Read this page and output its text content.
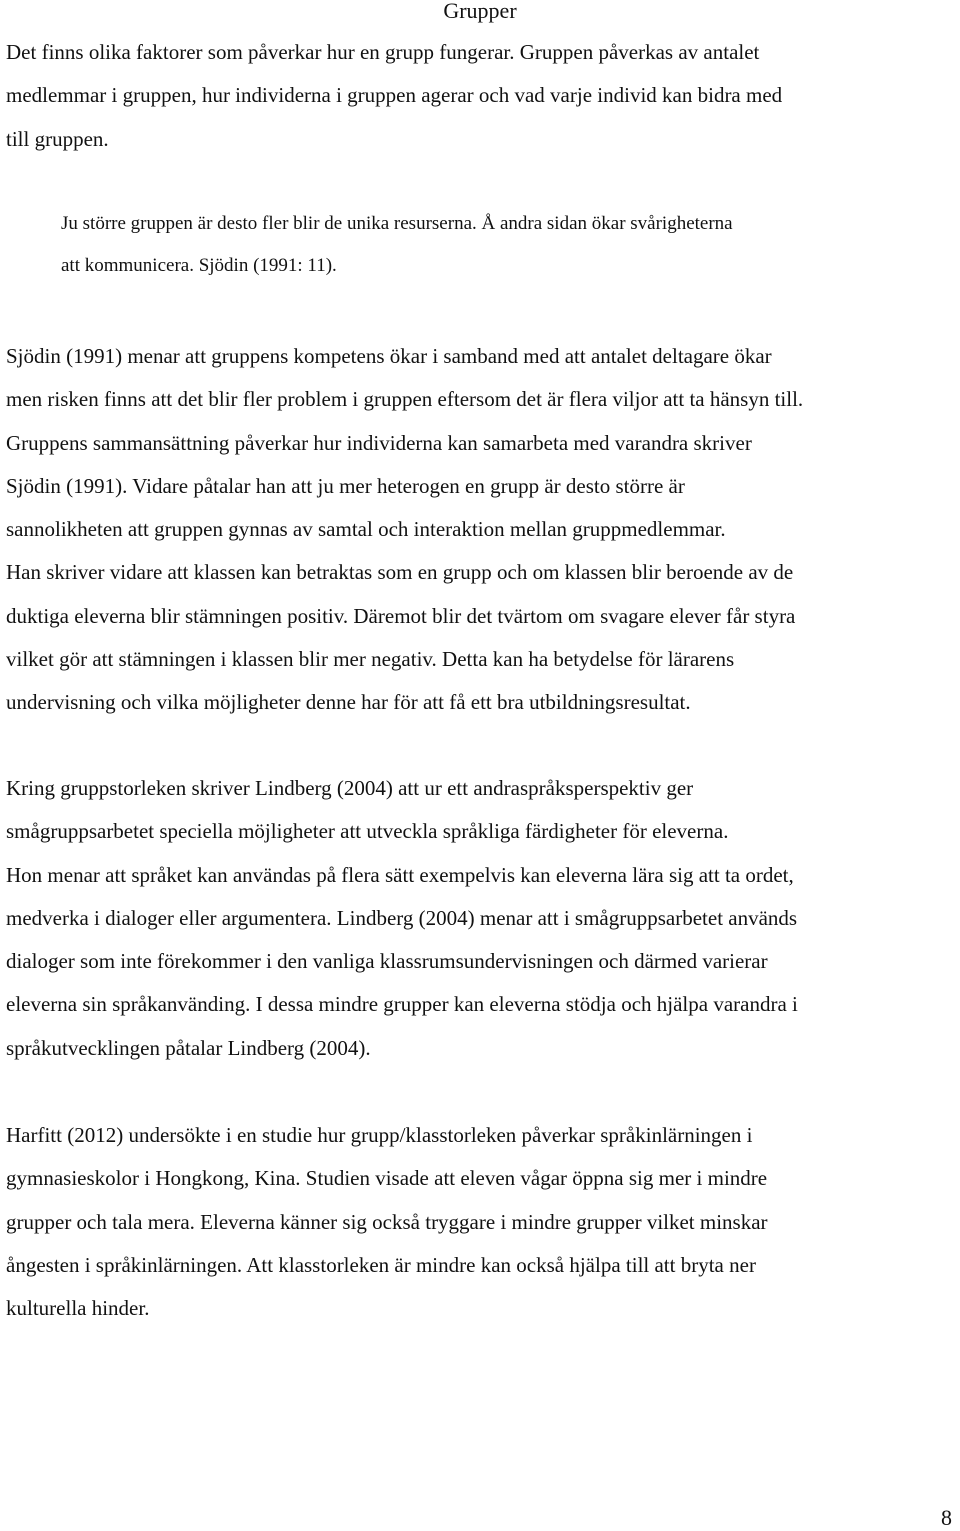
Grupper

Det finns olika faktorer som påverkar hur en grupp fungerar. Gruppen påverkas av antalet
medlemmar i gruppen, hur individerna i gruppen agerar och vad varje individ kan bidra med
till gruppen.

Ju större gruppen är desto fler blir de unika resurserna. Å andra sidan ökar svårigheterna
att kommunicera. Sjödin (1991: 11).

Sjödin (1991) menar att gruppens kompetens ökar i samband med att antalet deltagare ökar
men risken finns att det blir fler problem i gruppen eftersom det är flera viljor att ta hänsyn till.
Gruppens sammansättning påverkar hur individerna kan samarbeta med varandra skriver
Sjödin (1991). Vidare påtalar han att ju mer heterogen en grupp är desto större är
sannolikheten att gruppen gynnas av samtal och interaktion mellan gruppmedlemmar.
Han skriver vidare att klassen kan betraktas som en grupp och om klassen blir beroende av de
duktiga eleverna blir stämningen positiv. Däremot blir det tvärtom om svagare elever får styra
vilket gör att stämningen i klassen blir mer negativ. Detta kan ha betydelse för lärarens
undervisning och vilka möjligheter denne har för att få ett bra utbildningsresultat.

Kring gruppstorleken skriver Lindberg (2004) att ur ett andraspråksperspektiv ger
smågruppsarbetet speciella möjligheter att utveckla språkliga färdigheter för eleverna.
Hon menar att språket kan användas på flera sätt exempelvis kan eleverna lära sig att ta ordet,
medverka i dialoger eller argumentera. Lindberg (2004) menar att i smågruppsarbetet används
dialoger som inte förekommer i den vanliga klassrumsundervisningen och därmed varierar
eleverna sin språkanvänding. I dessa mindre grupper kan eleverna stödja och hjälpa varandra i
språkutvecklingen påtalar Lindberg (2004).

Harfitt (2012) undersökte i en studie hur grupp/klasstorleken påverkar språkinlärningen i
gymnasieskolor i Hongkong, Kina. Studien visade att eleven vågar öppna sig mer i mindre
grupper och tala mera. Eleverna känner sig också tryggare i mindre grupper vilket minskar
ångesten i språkinlärningen. Att klasstorleken är mindre kan också hjälpa till att bryta ner
kulturella hinder.

8
